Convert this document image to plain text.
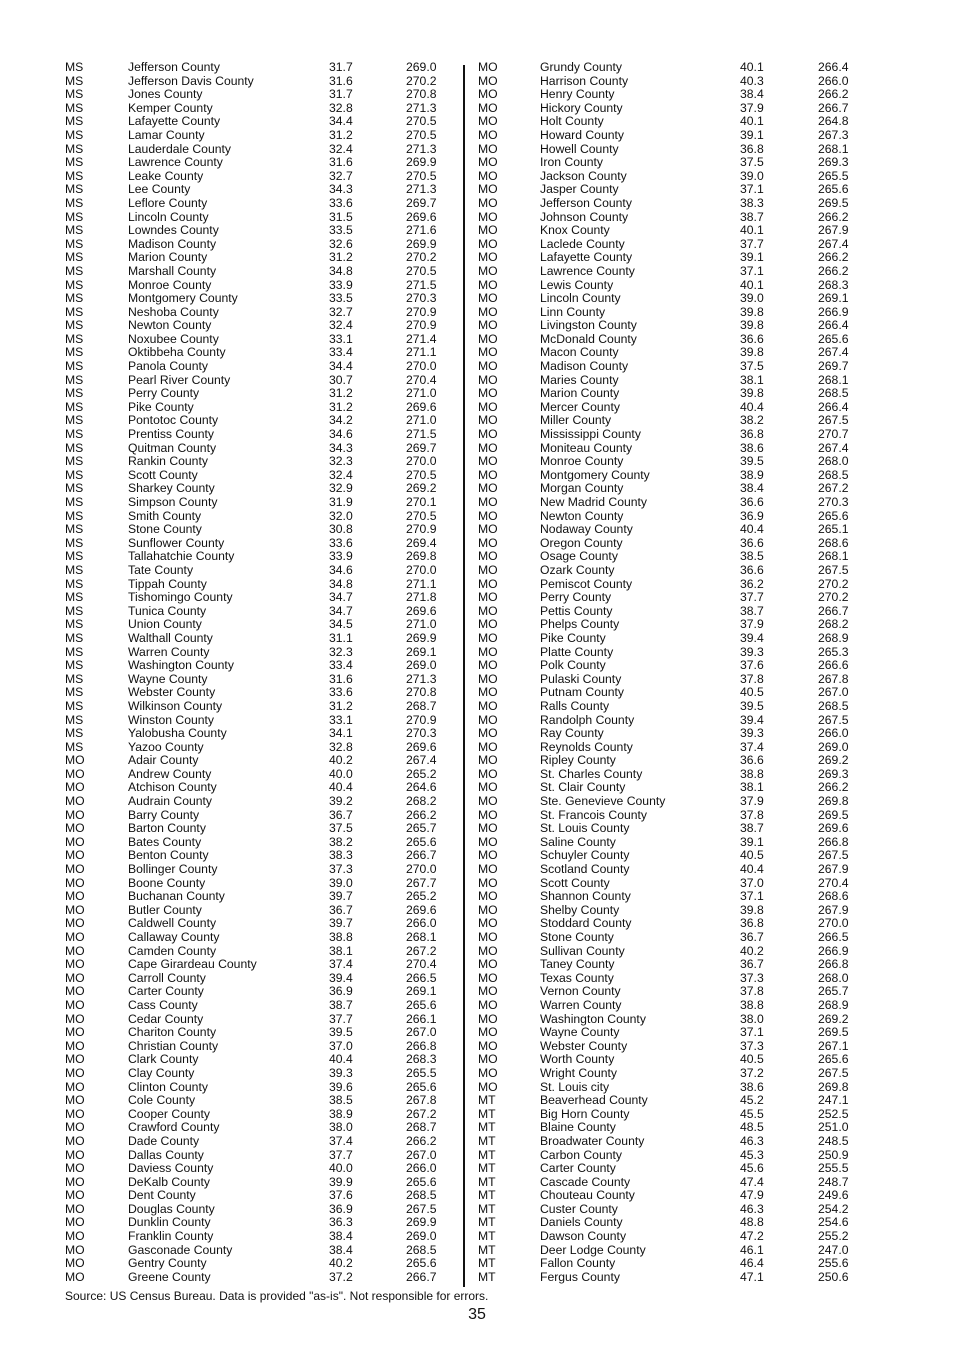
MS	Jefferson County	31.7	269.0
MS	Jefferson Davis County	31.6	270.2
MS	Jones County	31.7	270.8
MS	Kemper County	32.8	271.3
MS	Lafayette County	34.4	270.5
MS	Lamar County	31.2	270.5
MS	Lauderdale County	32.4	271.3
MS	Lawrence County	31.6	269.9
MS	Leake County	32.7	270.5
MS	Lee County	34.3	271.3
MS	Leflore County	33.6	269.7
MS	Lincoln County	31.5	269.6
MS	Lowndes County	33.5	271.6
MS	Madison County	32.6	269.9
MS	Marion County	31.2	270.2
MS	Marshall County	34.8	270.5
MS	Monroe County	33.9	271.5
MS	Montgomery County	33.5	270.3
MS	Neshoba County	32.7	270.9
MS	Newton County	32.4	270.9
MS	Noxubee County	33.1	271.4
MS	Oktibbeha County	33.4	271.1
MS	Panola County	34.4	270.0
MS	Pearl River County	30.7	270.4
MS	Perry County	31.2	271.0
MS	Pike County	31.2	269.6
MS	Pontotoc County	34.2	271.0
MS	Prentiss County	34.6	271.5
MS	Quitman County	34.3	269.7
MS	Rankin County	32.3	270.0
MS	Scott County	32.4	270.5
MS	Sharkey County	32.9	269.2
MS	Simpson County	31.9	270.1
MS	Smith County	32.0	270.5
MS	Stone County	30.8	270.9
MS	Sunflower County	33.6	269.4
MS	Tallahatchie County	33.9	269.8
MS	Tate County	34.6	270.0
MS	Tippah County	34.8	271.1
MS	Tishomingo County	34.7	271.8
MS	Tunica County	34.7	269.6
MS	Union County	34.5	271.0
MS	Walthall County	31.1	269.9
MS	Warren County	32.3	269.1
MS	Washington County	33.4	269.0
MS	Wayne County	31.6	271.3
MS	Webster County	33.6	270.8
MS	Wilkinson County	31.2	268.7
MS	Winston County	33.1	270.9
MS	Yalobusha County	34.1	270.3
MS	Yazoo County	32.8	269.6
MO	Adair County	40.2	267.4
MO	Andrew County	40.0	265.2
MO	Atchison County	40.4	264.6
MO	Audrain County	39.2	268.2
MO	Barry County	36.7	266.2
MO	Barton County	37.5	265.7
MO	Bates County	38.2	265.6
MO	Benton County	38.3	266.7
MO	Bollinger County	37.3	270.0
MO	Boone County	39.0	267.7
MO	Buchanan County	39.7	265.2
MO	Butler County	36.7	269.6
MO	Caldwell County	39.7	266.0
MO	Callaway County	38.8	268.1
MO	Camden County	38.1	267.2
MO	Cape Girardeau County	37.4	270.4
MO	Carroll County	39.4	266.5
MO	Carter County	36.9	269.1
MO	Cass County	38.7	265.6
MO	Cedar County	37.7	266.1
MO	Chariton County	39.5	267.0
MO	Christian County	37.0	266.8
MO	Clark County	40.4	268.3
MO	Clay County	39.3	265.5
MO	Clinton County	39.6	265.6
MO	Cole County	38.5	267.8
MO	Cooper County	38.9	267.2
MO	Crawford County	38.0	268.7
MO	Dade County	37.4	266.2
MO	Dallas County	37.7	267.0
MO	Daviess County	40.0	266.0
MO	DeKalb County	39.9	265.6
MO	Dent County	37.6	268.5
MO	Douglas County	36.9	267.5
MO	Dunklin County	36.3	269.9
MO	Franklin County	38.4	269.0
MO	Gasconade County	38.4	268.5
MO	Gentry County	40.2	265.6
MO	Greene County	37.2	266.7
MO	Grundy County	40.1	266.4
MO	Harrison County	40.3	266.0
MO	Henry County	38.4	266.2
MO	Hickory County	37.9	266.7
MO	Holt County	40.1	264.8
MO	Howard County	39.1	267.3
MO	Howell County	36.8	268.1
MO	Iron County	37.5	269.3
MO	Jackson County	39.0	265.5
MO	Jasper County	37.1	265.6
MO	Jefferson County	38.3	269.5
MO	Johnson County	38.7	266.2
MO	Knox County	40.1	267.9
MO	Laclede County	37.7	267.4
MO	Lafayette County	39.1	266.2
MO	Lawrence County	37.1	266.2
MO	Lewis County	40.1	268.3
MO	Lincoln County	39.0	269.1
MO	Linn County	39.8	266.9
MO	Livingston County	39.8	266.4
MO	McDonald County	36.6	265.6
MO	Macon County	39.8	267.4
MO	Madison County	37.5	269.7
MO	Maries County	38.1	268.1
MO	Marion County	39.8	268.5
MO	Mercer County	40.4	266.4
MO	Miller County	38.2	267.5
MO	Mississippi County	36.8	270.7
MO	Moniteau County	38.6	267.4
MO	Monroe County	39.5	268.0
MO	Montgomery County	38.9	268.5
MO	Morgan County	38.4	267.2
MO	New Madrid County	36.6	270.3
MO	Newton County	36.9	265.6
MO	Nodaway County	40.4	265.1
MO	Oregon County	36.6	268.6
MO	Osage County	38.5	268.1
MO	Ozark County	36.6	267.5
MO	Pemiscot County	36.2	270.2
MO	Perry County	37.7	270.2
MO	Pettis County	38.7	266.7
MO	Phelps County	37.9	268.2
MO	Pike County	39.4	268.9
MO	Platte County	39.3	265.3
MO	Polk County	37.6	266.6
MO	Pulaski County	37.8	267.8
MO	Putnam County	40.5	267.0
MO	Ralls County	39.5	268.5
MO	Randolph County	39.4	267.5
MO	Ray County	39.3	266.0
MO	Reynolds County	37.4	269.0
MO	Ripley County	36.6	269.2
MO	St. Charles County	38.8	269.3
MO	St. Clair County	38.1	266.2
MO	Ste. Genevieve County	37.9	269.8
MO	St. Francois County	37.8	269.5
MO	St. Louis County	38.7	269.6
MO	Saline County	39.1	266.8
MO	Schuyler County	40.5	267.5
MO	Scotland County	40.4	267.9
MO	Scott County	37.0	270.4
MO	Shannon County	37.1	268.6
MO	Shelby County	39.8	267.9
MO	Stoddard County	36.8	270.0
MO	Stone County	36.7	266.5
MO	Sullivan County	40.2	266.9
MO	Taney County	36.7	266.8
MO	Texas County	37.3	268.0
MO	Vernon County	37.8	265.7
MO	Warren County	38.8	268.9
MO	Washington County	38.0	269.2
MO	Wayne County	37.1	269.5
MO	Webster County	37.3	267.1
MO	Worth County	40.5	265.6
MO	Wright County	37.2	267.5
MO	St. Louis city	38.6	269.8
MT	Beaverhead County	45.2	247.1
MT	Big Horn County	45.5	252.5
MT	Blaine County	48.5	251.0
MT	Broadwater County	46.3	248.5
MT	Carbon County	45.3	250.9
MT	Carter County	45.6	255.5
MT	Cascade County	47.4	248.7
MT	Chouteau County	47.9	249.6
MT	Custer County	46.3	254.2
MT	Daniels County	48.8	254.6
MT	Dawson County	47.2	255.2
MT	Deer Lodge County	46.1	247.0
MT	Fallon County	46.4	255.6
MT	Fergus County	47.1	250.6
Source: US Census Bureau. Data is provided "as-is". Not responsible for errors.
35
